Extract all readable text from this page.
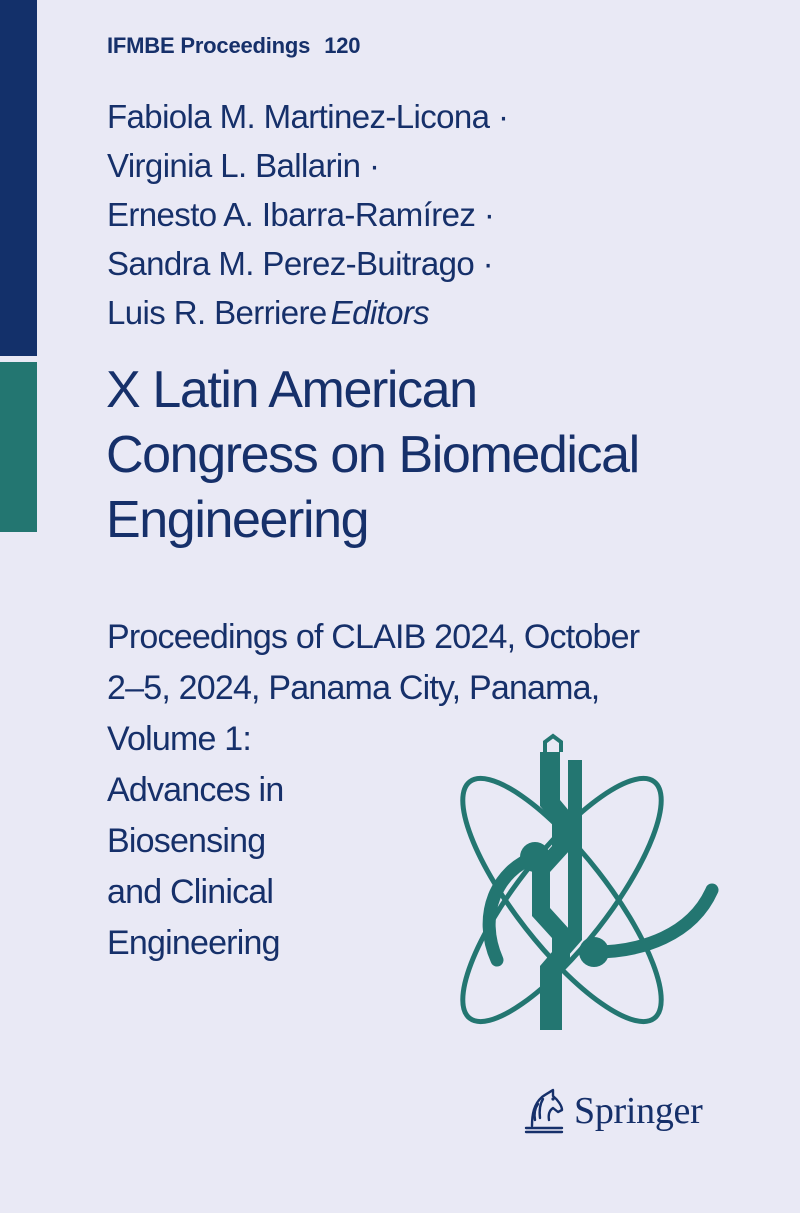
IFMBE Proceedings 120
Fabiola M. Martinez-Licona ·
Virginia L. Ballarin ·
Ernesto A. Ibarra-Ramírez ·
Sandra M. Perez-Buitrago ·
Luis R. Berriere Editors
X Latin American
Congress on Biomedical
Engineering
Proceedings of CLAIB 2024, October
2–5, 2024, Panama City, Panama,
Volume 1:
Advances in
Biosensing
and Clinical
Engineering
Springer
